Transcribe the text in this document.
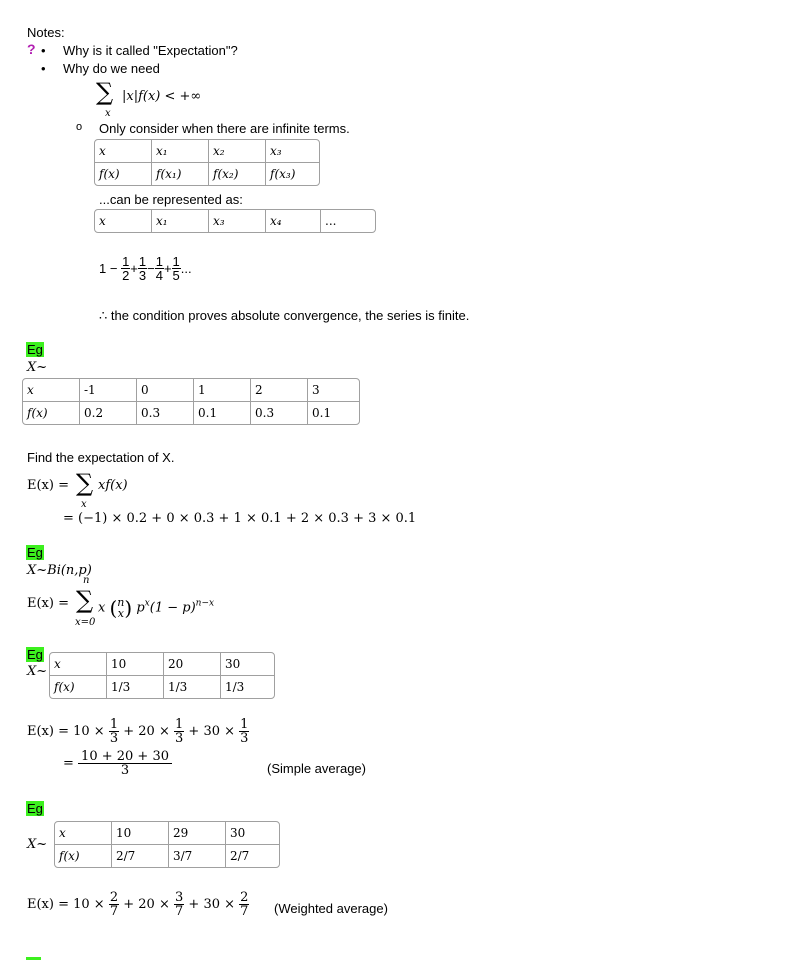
Notes:
? • Why is it called "Expectation"?
• Why do we need
∑ |x|f(x) < +∞
x
o Only consider when there are infinite terms.
x	x₁	x₂	x₃
f(x)	f(x₁)	f(x₂)	f(x₃)
...can be represented as:
x	x₁	x₃	x₄	...
$1 - \frac{1}{2} + \frac{1}{3} - \frac{1}{4} + \frac{1}{5}$ ...
∴ the condition proves absolute convergence, the series is finite.
Eg
X~
x	-1	0	1	2	3
f(x)	0.2	0.3	0.1	0.3	0.1
Find the expectation of X.
E(x) = ∑ xf(x)
x
= (−1) × 0.2 + 0 × 0.3 + 1 × 0.1 + 2 × 0.3 + 3 × 0.1
Eg
X~Bi(n,p)
n
E(x) = ∑
x=0
x ( n
x ) $p^x(1 - p)^{n-x}$
Eg
X~ x	10	20	30
f(x)	1/3	1/3	1/3
$E(x) = 10 \times \frac{1}{3} + 20 \times \frac{1}{3} + 30 \times \frac{1}{3}$
= $\frac{10 + 20 + 30}{3}$	(Simple average)
Eg
X~
x	10	29	30
f(x)	2/7	3/7	2/7
$E(x) = 10 \times \frac{2}{7} + 20 \times \frac{3}{7} + 30 \times \frac{2}{7}$ (Weighted average)
